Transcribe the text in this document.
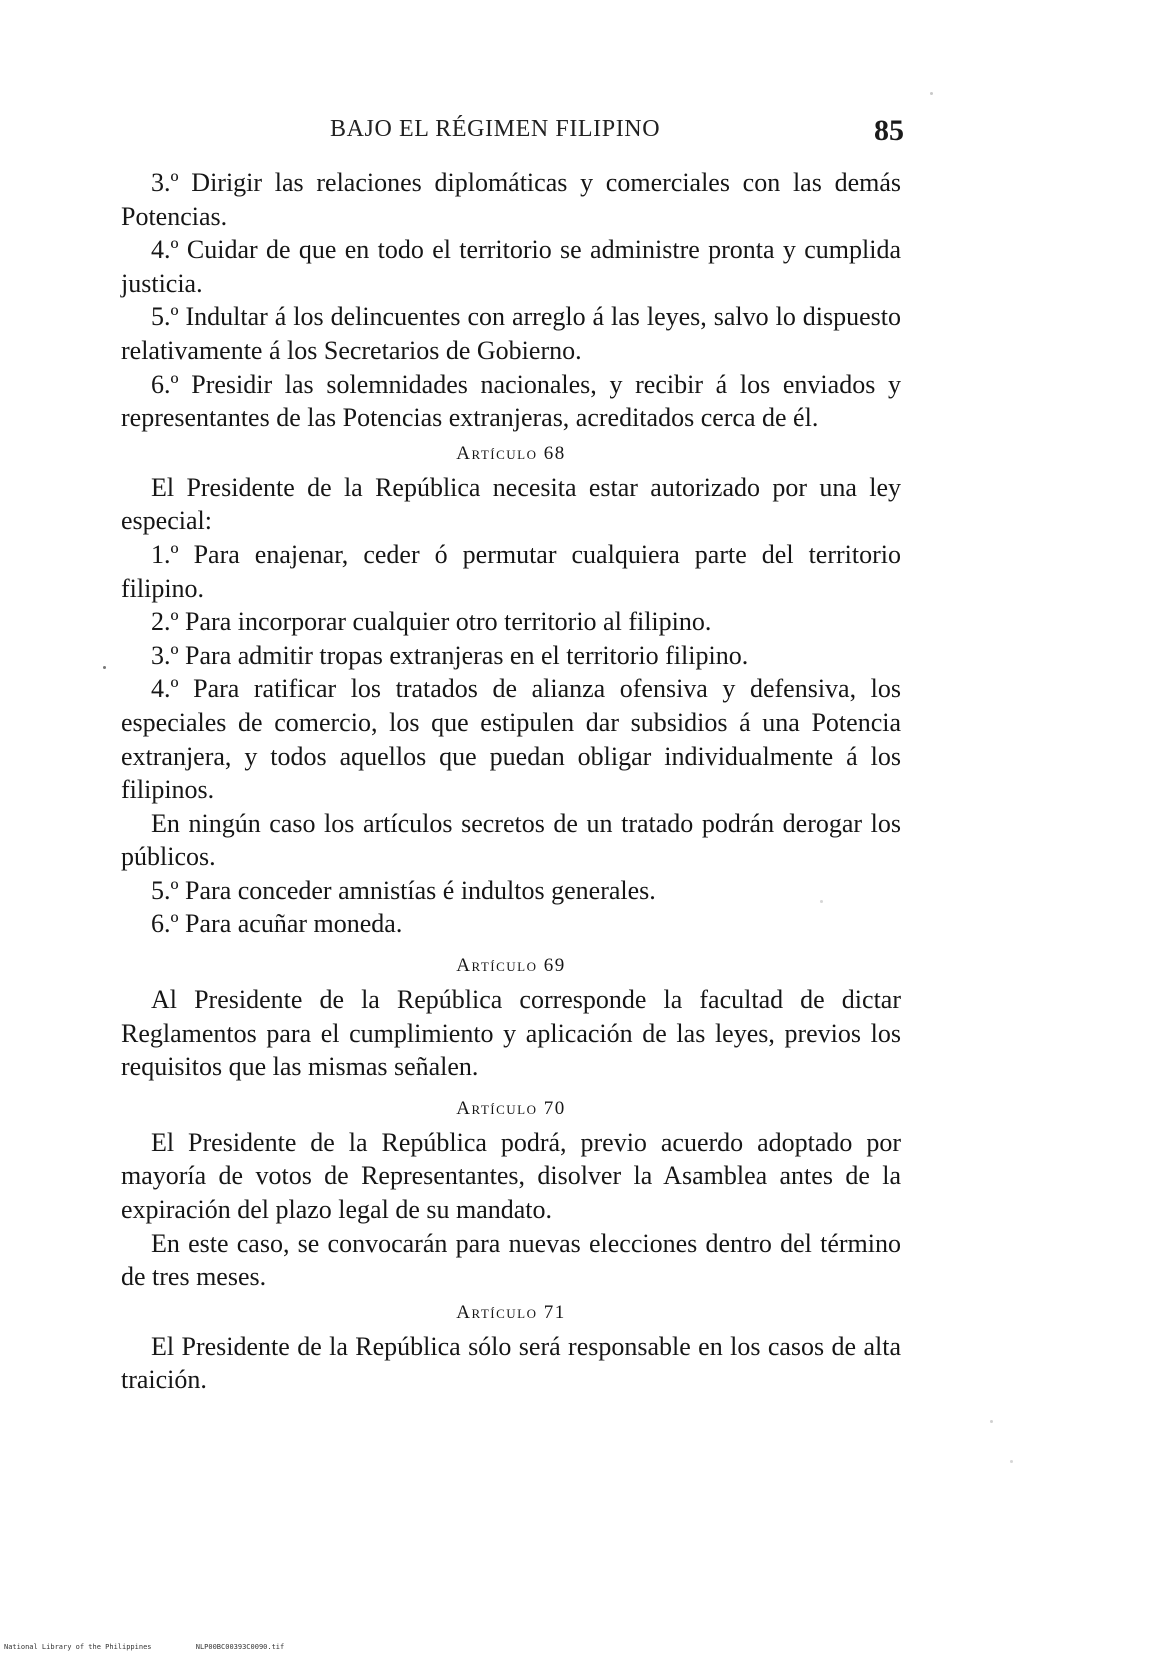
BAJO EL RÉGIMEN FILIPINO	85

3.º Dirigir las relaciones diplomáticas y comerciales con las demás Potencias.

4.º Cuidar de que en todo el territorio se administre pronta y cumplida justicia.

5.º Indultar á los delincuentes con arreglo á las leyes, salvo lo dispuesto relativamente á los Secretarios de Gobierno.

6.º Presidir las solemnidades nacionales, y recibir á los enviados y representantes de las Potencias extranjeras, acreditados cerca de él.

Artículo 68

El Presidente de la República necesita estar autorizado por una ley especial:

1.º Para enajenar, ceder ó permutar cualquiera parte del territorio filipino.

2.º Para incorporar cualquier otro territorio al filipino.

3.º Para admitir tropas extranjeras en el territorio filipino.

4.º Para ratificar los tratados de alianza ofensiva y defensiva, los especiales de comercio, los que estipulen dar subsidios á una Potencia extranjera, y todos aquellos que puedan obligar individualmente á los filipinos.

En ningún caso los artículos secretos de un tratado podrán derogar los públicos.

5.º Para conceder amnistías é indultos generales.

6.º Para acuñar moneda.

Artículo 69

Al Presidente de la República corresponde la facultad de dictar Reglamentos para el cumplimiento y aplicación de las leyes, previos los requisitos que las mismas señalen.

Artículo 70

El Presidente de la República podrá, previo acuerdo adoptado por mayoría de votos de Representantes, disolver la Asamblea antes de la expiración del plazo legal de su mandato.

En este caso, se convocarán para nuevas elecciones dentro del término de tres meses.

Artículo 71

El Presidente de la República sólo será responsable en los casos de alta traición.

National Library of the Philippines	NLP00BC00393C0090.tif
